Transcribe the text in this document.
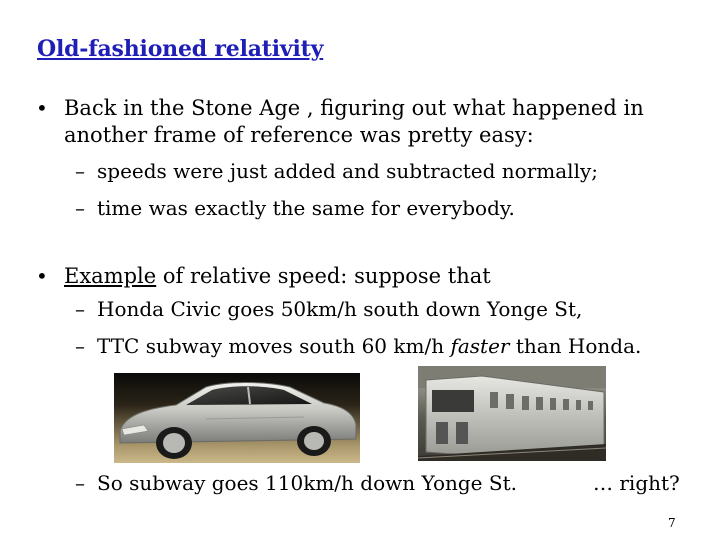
Old-fashioned relativity
• Back in the Stone Age , figuring out what happened in
another frame of reference was pretty easy:
– speeds were just added and subtracted normally;
– time was exactly the same for everybody.
• Example of relative speed: suppose that
– Honda Civic goes 50km/h south down Yonge St,
– TTC subway moves south 60 km/h faster than Honda.
– So subway goes 110km/h down Yonge St.	… right?
7
